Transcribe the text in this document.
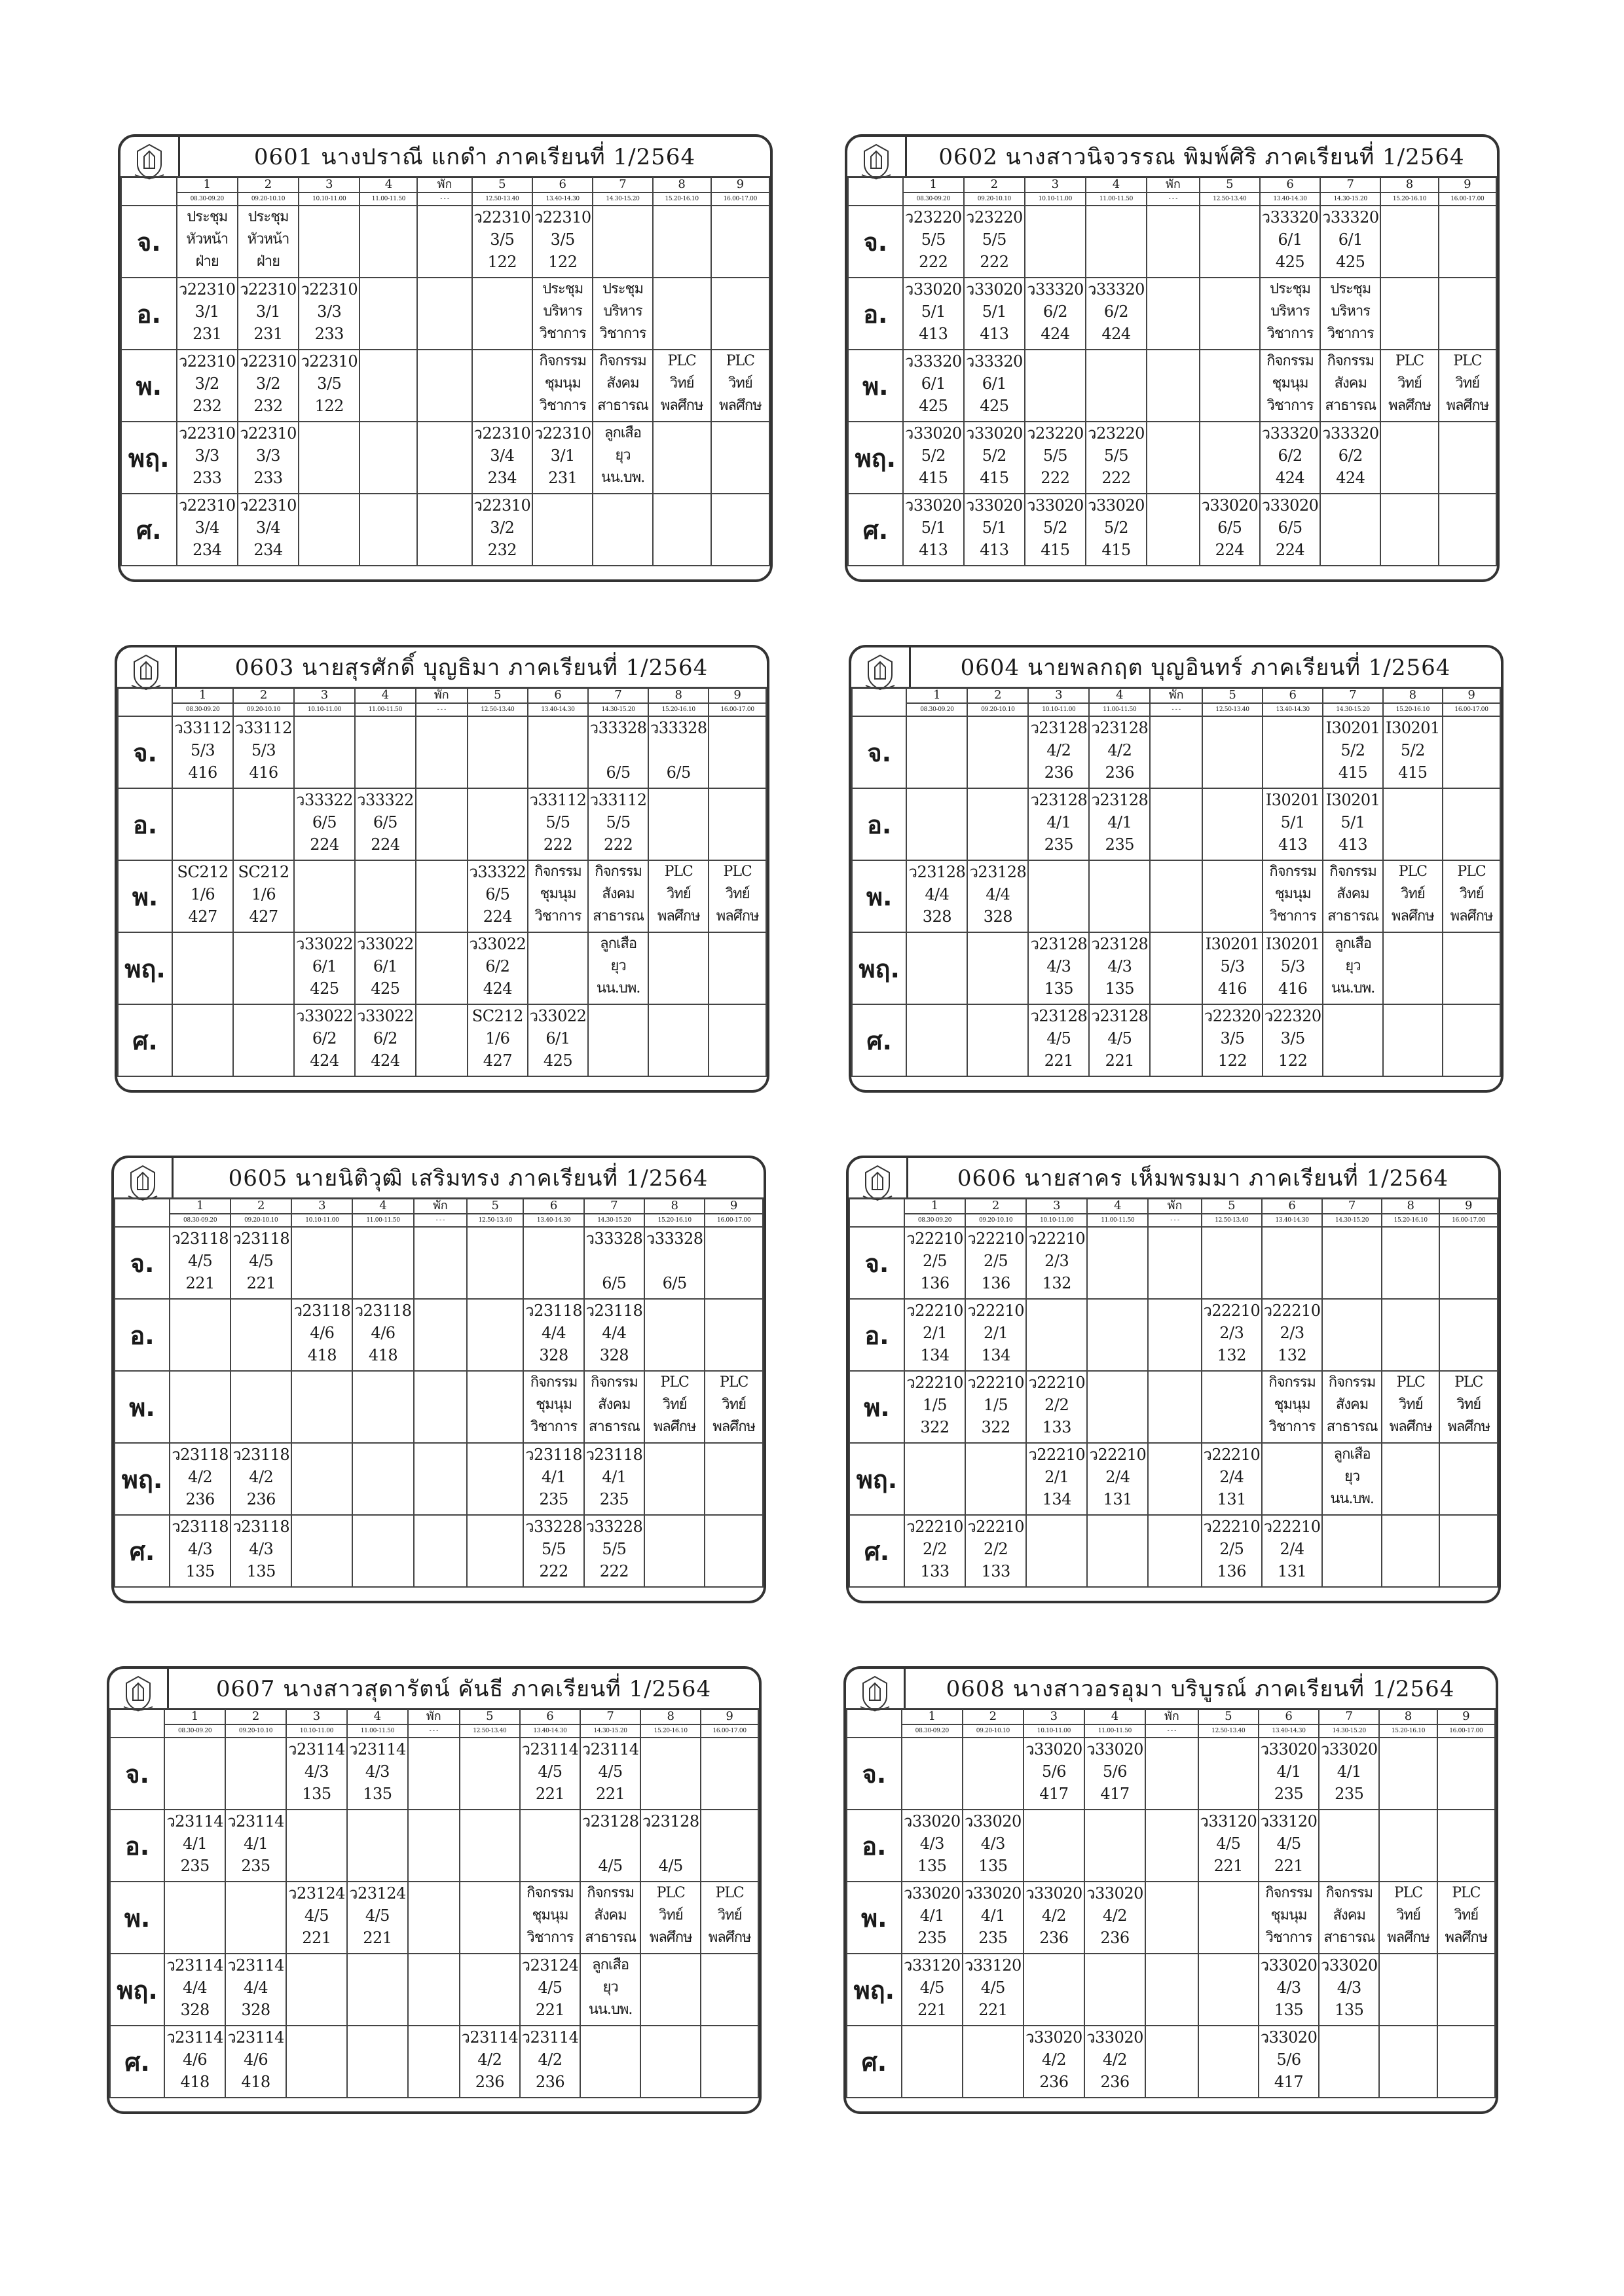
0601 นางปราณี แกดำ ภาคเรียนที่ 1/2564
	1	2	3	4	พัก	5	6	7	8	9
	08.30-09.20	09.20-10.10	10.10-11.00	11.00-11.50	- - -	12.50-13.40	13.40-14.30	14.30-15.20	15.20-16.10	16.00-17.00
จ.	ประชุม
หัวหน้า
ฝ่าย	ประชุม
หัวหน้า
ฝ่าย				ว22310
3/5
122	ว22310
3/5
122			
อ.	ว22310
3/1
231	ว22310
3/1
231	ว22310
3/3
233				ประชุม
บริหาร
วิชาการ	ประชุม
บริหาร
วิชาการ		
พ.	ว22310
3/2
232	ว22310
3/2
232	ว22310
3/5
122				กิจกรรม
ชุมนุม
วิชาการ	กิจกรรม
สังคม
สาธารณ	PLC
วิทย์
พลศึกษ	PLC
วิทย์
พลศึกษ
พฤ.	ว22310
3/3
233	ว22310
3/3
233				ว22310
3/4
234	ว22310
3/1
231	ลูกเสือ
ยุว
นน.บพ.		
ศ.	ว22310
3/4
234	ว22310
3/4
234				ว22310
3/2
232				
0602 นางสาวนิจวรรณ พิมพ์ศิริ ภาคเรียนที่ 1/2564
	1	2	3	4	พัก	5	6	7	8	9
	08.30-09.20	09.20-10.10	10.10-11.00	11.00-11.50	- - -	12.50-13.40	13.40-14.30	14.30-15.20	15.20-16.10	16.00-17.00
จ.	ว23220
5/5
222	ว23220
5/5
222					ว33320
6/1
425	ว33320
6/1
425		
อ.	ว33020
5/1
413	ว33020
5/1
413	ว33320
6/2
424	ว33320
6/2
424			ประชุม
บริหาร
วิชาการ	ประชุม
บริหาร
วิชาการ		
พ.	ว33320
6/1
425	ว33320
6/1
425					กิจกรรม
ชุมนุม
วิชาการ	กิจกรรม
สังคม
สาธารณ	PLC
วิทย์
พลศึกษ	PLC
วิทย์
พลศึกษ
พฤ.	ว33020
5/2
415	ว33020
5/2
415	ว23220
5/5
222	ว23220
5/5
222			ว33320
6/2
424	ว33320
6/2
424		
ศ.	ว33020
5/1
413	ว33020
5/1
413	ว33020
5/2
415	ว33020
5/2
415		ว33020
6/5
224	ว33020
6/5
224			
0603 นายสุรศักดิ์ บุญธิมา ภาคเรียนที่ 1/2564
	1	2	3	4	พัก	5	6	7	8	9
	08.30-09.20	09.20-10.10	10.10-11.00	11.00-11.50	- - -	12.50-13.40	13.40-14.30	14.30-15.20	15.20-16.10	16.00-17.00
จ.	ว33112
5/3
416	ว33112
5/3
416						ว33328

6/5	ว33328

6/5	
อ.			ว33322
6/5
224	ว33322
6/5
224			ว33112
5/5
222	ว33112
5/5
222		
พ.	SC212
1/6
427	SC212
1/6
427				ว33322
6/5
224	กิจกรรม
ชุมนุม
วิชาการ	กิจกรรม
สังคม
สาธารณ	PLC
วิทย์
พลศึกษ	PLC
วิทย์
พลศึกษ
พฤ.			ว33022
6/1
425	ว33022
6/1
425		ว33022
6/2
424		ลูกเสือ
ยุว
นน.บพ.		
ศ.			ว33022
6/2
424	ว33022
6/2
424		SC212
1/6
427	ว33022
6/1
425			
0604 นายพลกฤต บุญอินทร์ ภาคเรียนที่ 1/2564
	1	2	3	4	พัก	5	6	7	8	9
	08.30-09.20	09.20-10.10	10.10-11.00	11.00-11.50	- - -	12.50-13.40	13.40-14.30	14.30-15.20	15.20-16.10	16.00-17.00
จ.			ว23128
4/2
236	ว23128
4/2
236				I30201
5/2
415	I30201
5/2
415	
อ.			ว23128
4/1
235	ว23128
4/1
235			I30201
5/1
413	I30201
5/1
413		
พ.	ว23128
4/4
328	ว23128
4/4
328					กิจกรรม
ชุมนุม
วิชาการ	กิจกรรม
สังคม
สาธารณ	PLC
วิทย์
พลศึกษ	PLC
วิทย์
พลศึกษ
พฤ.			ว23128
4/3
135	ว23128
4/3
135		I30201
5/3
416	I30201
5/3
416	ลูกเสือ
ยุว
นน.บพ.		
ศ.			ว23128
4/5
221	ว23128
4/5
221		ว22320
3/5
122	ว22320
3/5
122			
0605 นายนิติวุฒิ เสริมทรง ภาคเรียนที่ 1/2564
	1	2	3	4	พัก	5	6	7	8	9
	08.30-09.20	09.20-10.10	10.10-11.00	11.00-11.50	- - -	12.50-13.40	13.40-14.30	14.30-15.20	15.20-16.10	16.00-17.00
จ.	ว23118
4/5
221	ว23118
4/5
221						ว33328

6/5	ว33328

6/5	
อ.			ว23118
4/6
418	ว23118
4/6
418			ว23118
4/4
328	ว23118
4/4
328		
พ.							กิจกรรม
ชุมนุม
วิชาการ	กิจกรรม
สังคม
สาธารณ	PLC
วิทย์
พลศึกษ	PLC
วิทย์
พลศึกษ
พฤ.	ว23118
4/2
236	ว23118
4/2
236					ว23118
4/1
235	ว23118
4/1
235		
ศ.	ว23118
4/3
135	ว23118
4/3
135					ว33228
5/5
222	ว33228
5/5
222		
0606 นายสาคร เห็มพรมมา ภาคเรียนที่ 1/2564
	1	2	3	4	พัก	5	6	7	8	9
	08.30-09.20	09.20-10.10	10.10-11.00	11.00-11.50	- - -	12.50-13.40	13.40-14.30	14.30-15.20	15.20-16.10	16.00-17.00
จ.	ว22210
2/5
136	ว22210
2/5
136	ว22210
2/3
132							
อ.	ว22210
2/1
134	ว22210
2/1
134				ว22210
2/3
132	ว22210
2/3
132			
พ.	ว22210
1/5
322	ว22210
1/5
322	ว22210
2/2
133				กิจกรรม
ชุมนุม
วิชาการ	กิจกรรม
สังคม
สาธารณ	PLC
วิทย์
พลศึกษ	PLC
วิทย์
พลศึกษ
พฤ.			ว22210
2/1
134	ว22210
2/4
131		ว22210
2/4
131		ลูกเสือ
ยุว
นน.บพ.		
ศ.	ว22210
2/2
133	ว22210
2/2
133				ว22210
2/5
136	ว22210
2/4
131			
0607 นางสาวสุดารัตน์ คันธี ภาคเรียนที่ 1/2564
	1	2	3	4	พัก	5	6	7	8	9
	08.30-09.20	09.20-10.10	10.10-11.00	11.00-11.50	- - -	12.50-13.40	13.40-14.30	14.30-15.20	15.20-16.10	16.00-17.00
จ.			ว23114
4/3
135	ว23114
4/3
135			ว23114
4/5
221	ว23114
4/5
221		
อ.	ว23114
4/1
235	ว23114
4/1
235						ว23128

4/5	ว23128

4/5	
พ.			ว23124
4/5
221	ว23124
4/5
221			กิจกรรม
ชุมนุม
วิชาการ	กิจกรรม
สังคม
สาธารณ	PLC
วิทย์
พลศึกษ	PLC
วิทย์
พลศึกษ
พฤ.	ว23114
4/4
328	ว23114
4/4
328					ว23124
4/5
221	ลูกเสือ
ยุว
นน.บพ.		
ศ.	ว23114
4/6
418	ว23114
4/6
418				ว23114
4/2
236	ว23114
4/2
236			
0608 นางสาวอรอุมา บริบูรณ์ ภาคเรียนที่ 1/2564
	1	2	3	4	พัก	5	6	7	8	9
	08.30-09.20	09.20-10.10	10.10-11.00	11.00-11.50	- - -	12.50-13.40	13.40-14.30	14.30-15.20	15.20-16.10	16.00-17.00
จ.			ว33020
5/6
417	ว33020
5/6
417			ว33020
4/1
235	ว33020
4/1
235		
อ.	ว33020
4/3
135	ว33020
4/3
135				ว33120
4/5
221	ว33120
4/5
221			
พ.	ว33020
4/1
235	ว33020
4/1
235	ว33020
4/2
236	ว33020
4/2
236			กิจกรรม
ชุมนุม
วิชาการ	กิจกรรม
สังคม
สาธารณ	PLC
วิทย์
พลศึกษ	PLC
วิทย์
พลศึกษ
พฤ.	ว33120
4/5
221	ว33120
4/5
221					ว33020
4/3
135	ว33020
4/3
135		
ศ.			ว33020
4/2
236	ว33020
4/2
236			ว33020
5/6
417			
